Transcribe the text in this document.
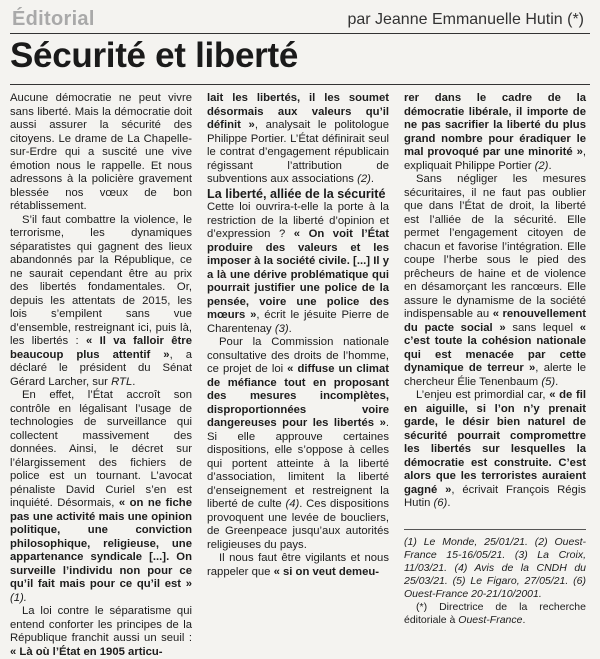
Éditorial	par Jeanne Emmanuelle Hutin (*)
Sécurité et liberté

Aucune démocratie ne peut vivre sans liberté. Mais la démocratie doit aussi assurer la sécurité des citoyens. Le drame de La Chapelle-sur-Erdre qui a suscité une vive émotion nous le rappelle. Et nous adressons à la policière gravement blessée nos vœux de bon rétablissement.

S’il faut combattre la violence, le terrorisme, les dynamiques séparatistes qui gagnent des lieux abandonnés par la République, ce ne saurait cependant être au prix des libertés fondamentales. Or, depuis les attentats de 2015, les lois s’empilent sans vue d’ensemble, restreignant ici, puis là, les libertés : « Il va falloir être beaucoup plus attentif », a déclaré le président du Sénat Gérard Larcher, sur RTL.

En effet, l’État accroît son contrôle en légalisant l’usage de technologies de surveillance qui collectent massivement des données. Ainsi, le décret sur l’élargissement des fichiers de police est un tournant. L’avocat pénaliste David Curiel s’en est inquiété. Désormais, « on ne fiche pas une activité mais une opinion politique, une conviction philosophique, religieuse, une appartenance syndicale [...]. On surveille l’individu non pour ce qu’il fait mais pour ce qu’il est » (1).

La loi contre le séparatisme qui entend conforter les principes de la République franchit aussi un seuil : « Là où l’État en 1905 articu-

lait les libertés, il les soumet désormais aux valeurs qu’il définit », analysait le politologue Philippe Portier. L’État définirait seul le contrat d’engagement républicain régissant l’attribution de subventions aux associations (2).

La liberté, alliée de la sécurité

Cette loi ouvrira-t-elle la porte à la restriction de la liberté d’opinion et d’expression ? « On voit l’État produire des valeurs et les imposer à la société civile. [...] Il y a là une dérive problématique qui pourrait justifier une police de la pensée, voire une police des mœurs », écrit le jésuite Pierre de Charentenay (3).

Pour la Commission nationale consultative des droits de l’homme, ce projet de loi « diffuse un climat de méfiance tout en proposant des mesures incomplètes, disproportionnées voire dangereuses pour les libertés ». Si elle approuve certaines dispositions, elle s’oppose à celles qui portent atteinte à la liberté d’association, limitent la liberté d’enseignement et restreignent la liberté de culte (4). Ces dispositions provoquent une levée de boucliers, de Greenpeace jusqu’aux autorités religieuses du pays.

Il nous faut être vigilants et nous rappeler que « si on veut demeu-

rer dans le cadre de la démocratie libérale, il importe de ne pas sacrifier la liberté du plus grand nombre pour éradiquer le mal provoqué par une minorité », expliquait Philippe Portier (2).

Sans négliger les mesures sécuritaires, il ne faut pas oublier que dans l’État de droit, la liberté est l’alliée de la sécurité. Elle permet l’engagement citoyen de chacun et favorise l’intégration. Elle coupe l’herbe sous le pied des prêcheurs de haine et de violence en désamorçant les rancœurs. Elle assure le dynamisme de la société indispensable au « renouvellement du pacte social » sans lequel « c’est toute la cohésion nationale qui est menacée par cette dynamique de terreur », alerte le chercheur Élie Tenenbaum (5).

L’enjeu est primordial car, « de fil en aiguille, si l’on n’y prenait garde, le désir bien naturel de sécurité pourrait compromettre les libertés sur lesquelles la démocratie est construite. C’est alors que les terroristes auraient gagné », écrivait François Régis Hutin (6).

(1) Le Monde, 25/01/21. (2) Ouest-France 15-16/05/21. (3) La Croix, 11/03/21. (4) Avis de la CNDH du 25/03/21. (5) Le Figaro, 27/05/21. (6) Ouest-France 20-21/10/2001.

(*) Directrice de la recherche éditoriale à Ouest-France.
